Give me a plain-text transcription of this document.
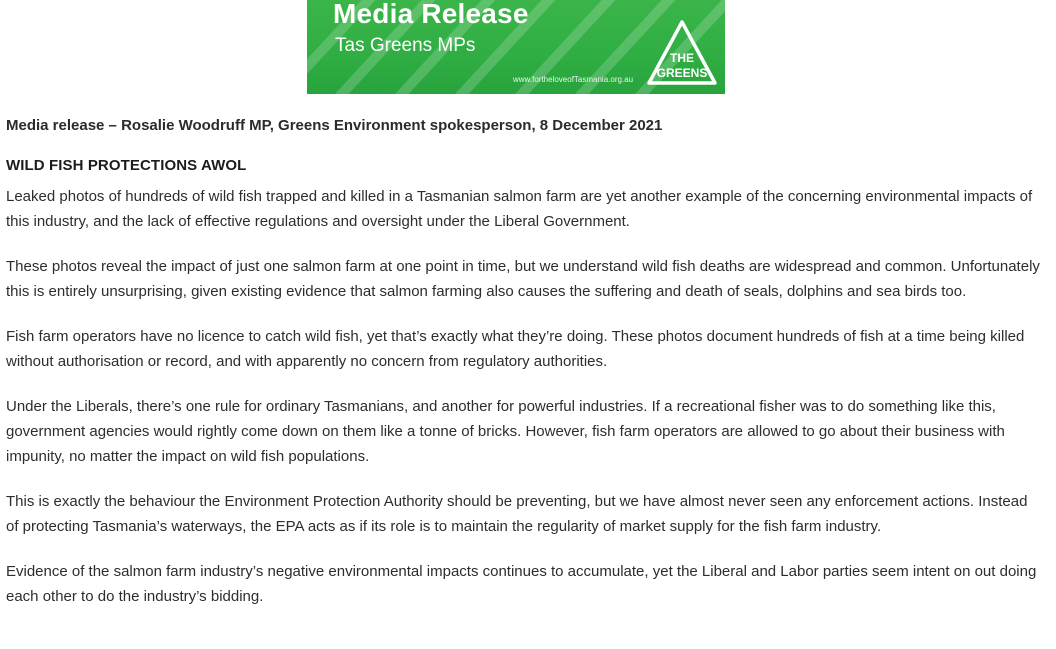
Media Release
Tas Greens MPs
www.fortheloveofTasmania.org.au
THE
GREENS

Media release – Rosalie Woodruff MP, Greens Environment spokesperson, 8 December 2021

WILD FISH PROTECTIONS AWOL

Leaked photos of hundreds of wild fish trapped and killed in a Tasmanian salmon farm are yet another example of the concerning environmental impacts of this industry, and the lack of effective regulations and oversight under the Liberal Government.

These photos reveal the impact of just one salmon farm at one point in time, but we understand wild fish deaths are widespread and common. Unfortunately this is entirely unsurprising, given existing evidence that salmon farming also causes the suffering and death of seals, dolphins and sea birds too.

Fish farm operators have no licence to catch wild fish, yet that’s exactly what they’re doing. These photos document hundreds of fish at a time being killed without authorisation or record, and with apparently no concern from regulatory authorities.

Under the Liberals, there’s one rule for ordinary Tasmanians, and another for powerful industries. If a recreational fisher was to do something like this, government agencies would rightly come down on them like a tonne of bricks. However, fish farm operators are allowed to go about their business with impunity, no matter the impact on wild fish populations.

This is exactly the behaviour the Environment Protection Authority should be preventing, but we have almost never seen any enforcement actions. Instead of protecting Tasmania’s waterways, the EPA acts as if its role is to maintain the regularity of market supply for the fish farm industry.

Evidence of the salmon farm industry’s negative environmental impacts continues to accumulate, yet the Liberal and Labor parties seem intent on out doing each other to do the industry’s bidding.
